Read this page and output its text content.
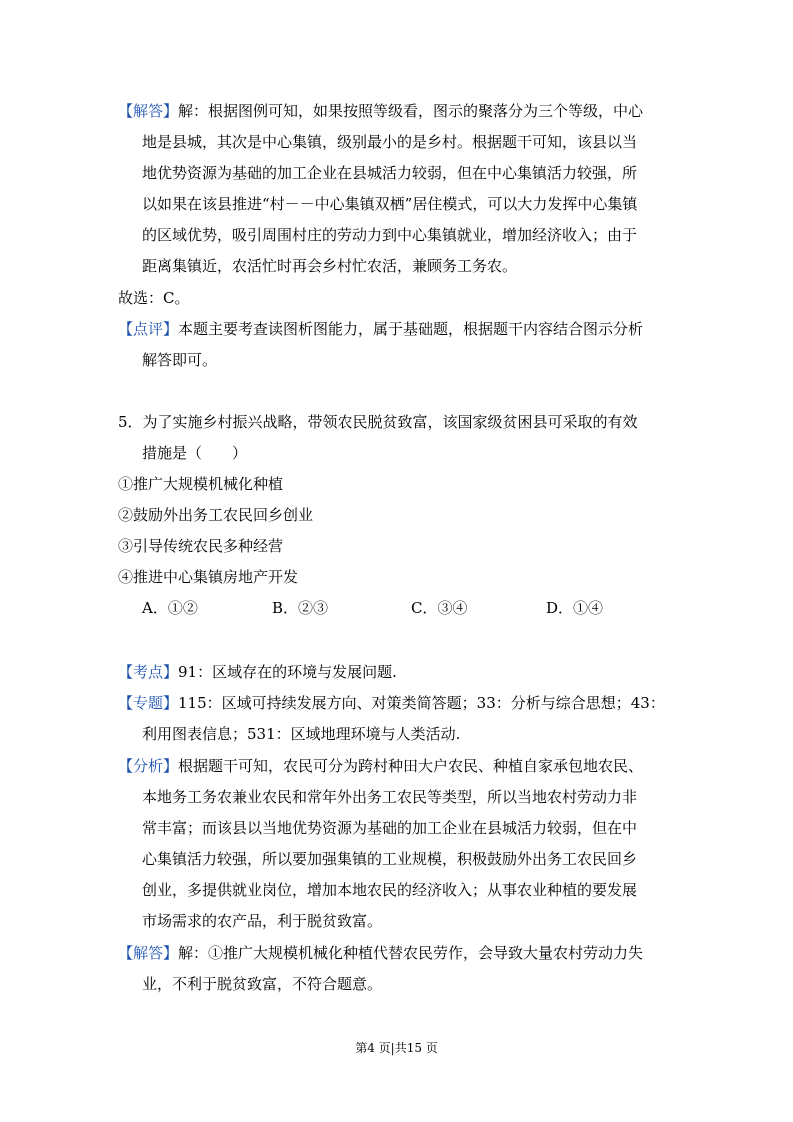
【解答】解：根据图例可知，如果按照等级看，图示的聚落分为三个等级，中心
地是县城，其次是中心集镇，级别最小的是乡村。根据题干可知，该县以当
地优势资源为基础的加工企业在县城活力较弱，但在中心集镇活力较强，所
以如果在该县推进“村－－中心集镇双栖”居住模式，可以大力发挥中心集镇
的区域优势，吸引周围村庄的劳动力到中心集镇就业，增加经济收入；由于
距离集镇近，农活忙时再会乡村忙农活，兼顾务工务农。
故选：C。
【点评】本题主要考查读图析图能力，属于基础题，根据题干内容结合图示分析
解答即可。
5．为了实施乡村振兴战略，带领农民脱贫致富，该国家级贫困县可采取的有效
措施是（　　）
①推广大规模机械化种植
②鼓励外出务工农民回乡创业
③引导传统农民多种经营
④推进中心集镇房地产开发
A．①②	B．②③	C．③④	D．①④
【考点】91：区域存在的环境与发展问题.
【专题】115：区域可持续发展方向、对策类简答题；33：分析与综合思想；43：
利用图表信息；531：区域地理环境与人类活动.
【分析】根据题干可知，农民可分为跨村种田大户农民、种植自家承包地农民、
本地务工务农兼业农民和常年外出务工农民等类型，所以当地农村劳动力非
常丰富；而该县以当地优势资源为基础的加工企业在县城活力较弱，但在中
心集镇活力较强，所以要加强集镇的工业规模，积极鼓励外出务工农民回乡
创业，多提供就业岗位，增加本地农民的经济收入；从事农业种植的要发展
市场需求的农产品，利于脱贫致富。
【解答】解：①推广大规模机械化种植代替农民劳作，会导致大量农村劳动力失
业，不利于脱贫致富，不符合题意。
第4 页|共15 页
